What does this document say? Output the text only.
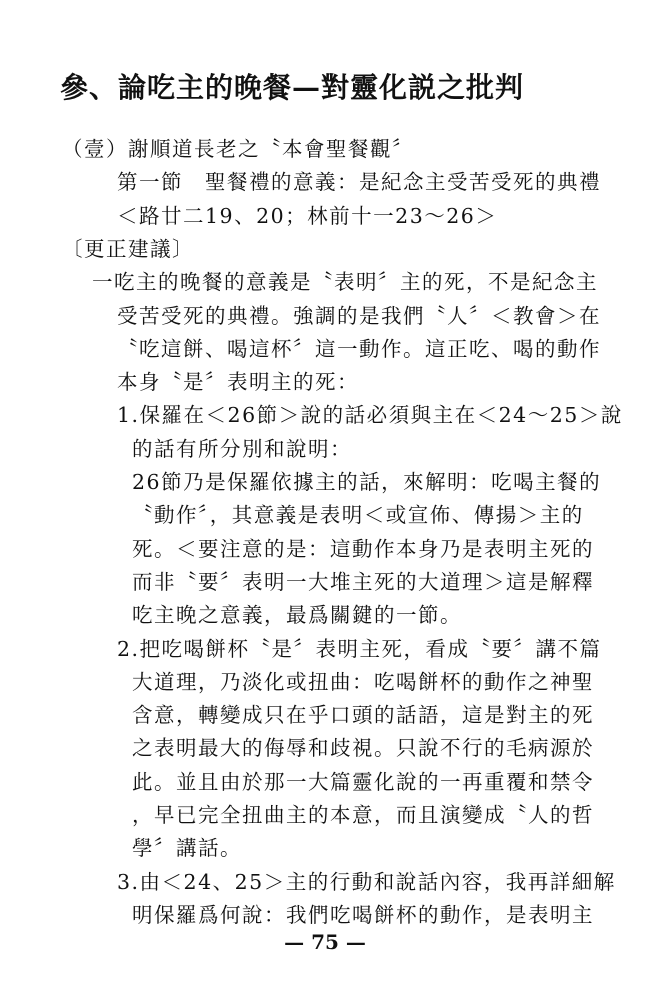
參、論吃主的晚餐—對靈化説之批判
（壹）謝順道長老之〝本會聖餐觀〞
第一節　聖餐禮的意義：是紀念主受苦受死的典禮
＜路廿二19、20；林前十一23～26＞
〔更正建議〕
一吃主的晚餐的意義是〝表明〞主的死，不是紀念主
受苦受死的典禮。強調的是我們〝人〞＜教會＞在
〝吃這餅、喝這杯〞這一動作。這正吃、喝的動作
本身〝是〞表明主的死：
1.保羅在＜26節＞說的話必須與主在＜24～25＞說
的話有所分別和說明：
26節乃是保羅依據主的話，來解明：吃喝主餐的
〝動作〞，其意義是表明＜或宣佈、傳揚＞主的
死。＜要注意的是：這動作本身乃是表明主死的
而非〝要〞表明一大堆主死的大道理＞這是解釋
吃主晚之意義，最爲關鍵的一節。
2.把吃喝餅杯〝是〞表明主死，看成〝要〞講不篇
大道理，乃淡化或扭曲：吃喝餅杯的動作之神聖
含意，轉變成只在乎口頭的話語，這是對主的死
之表明最大的侮辱和歧視。只說不行的毛病源於
此。並且由於那一大篇靈化說的一再重覆和禁令
，早已完全扭曲主的本意，而且演變成〝人的哲
學〞講話。
— 75 —
3.由＜24、25＞主的行動和說話內容，我再詳細解
明保羅爲何說：我們吃喝餅杯的動作，是表明主
